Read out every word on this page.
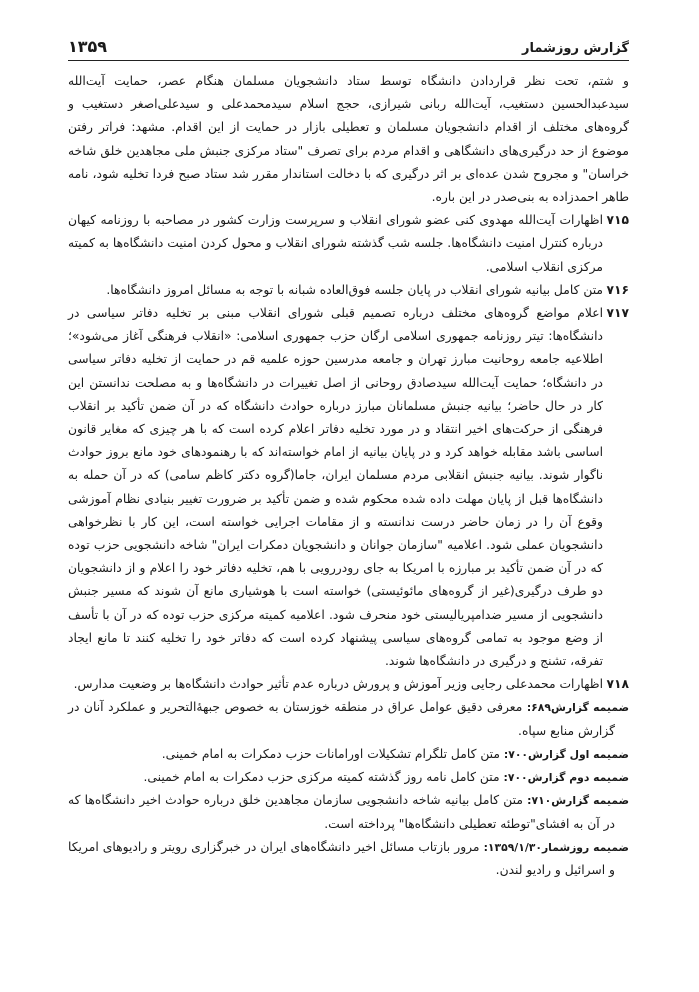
گزارش روزشمار
۱۳۵۹

و شتم، تحت نظر قراردادن دانشگاه توسط ستاد دانشجویان مسلمان هنگام عصر، حمایت آیت‌الله سیدعبدالحسین دستغیب، آیت‌الله ربانی شیرازی، حجج اسلام سیدمحمدعلی و سیدعلی‌اصغر دستغیب و گروه‌های مختلف از اقدام دانشجویان مسلمان و تعطیلی بازار در حمایت از این اقدام. مشهد: فراتر رفتن موضوع از حد درگیری‌های دانشگاهی و اقدام مردم برای تصرف "ستاد مرکزی جنبش ملی مجاهدین خلق شاخه خراسان" و مجروح شدن عده‌ای بر اثر درگیری که با دخالت استاندار مقرر شد ستاد صبح فردا تخلیه شود، نامه طاهر احمدزاده به بنی‌صدر در این باره.

۷۱۵
اظهارات آیت‌الله مهدوی کنی عضو شورای انقلاب و سرپرست وزارت کشور در مصاحبه با روزنامه کیهان درباره کنترل امنیت دانشگاه‌ها. جلسه شب گذشته شورای انقلاب و محول کردن امنیت دانشگاه‌ها به کمیته مرکزی انقلاب اسلامی.

۷۱۶
متن کامل بیانیه شورای انقلاب در پایان جلسه فوق‌العاده شبانه با توجه به مسائل امروز دانشگاه‌ها.

۷۱۷
اعلام مواضع گروه‌های مختلف درباره تصمیم قبلی شورای انقلاب مبنی بر تخلیه دفاتر سیاسی در دانشگاه‌ها: تیتر روزنامه جمهوری اسلامی ارگان حزب جمهوری اسلامی: «انقلاب فرهنگی آغاز می‌شود»؛ اطلاعیه جامعه روحانیت مبارز تهران و جامعه مدرسین حوزه علمیه قم در حمایت از تخلیه دفاتر سیاسی در دانشگاه؛ حمایت آیت‌الله سیدصادق روحانی از اصل تغییرات در دانشگاه‌ها و به مصلحت ندانستن این کار در حال حاضر؛ بیانیه جنبش مسلمانان مبارز درباره حوادث دانشگاه که در آن ضمن تأکید بر انقلاب فرهنگی از حرکت‌های اخیر انتقاد و در مورد تخلیه دفاتر اعلام کرده است که با هر چیزی که مغایر قانون اساسی باشد مقابله خواهد کرد و در پایان بیانیه از امام خواسته‌اند که با رهنمودهای خود مانع بروز حوادث ناگوار شوند. بیانیه جنبش انقلابی مردم مسلمان ایران، جاما(گروه دکتر کاظم سامی) که در آن حمله به دانشگاه‌ها قبل از پایان مهلت داده شده محکوم شده و ضمن تأکید بر ضرورت تغییر بنیادی نظام آموزشی وقوع آن را در زمان حاضر درست ندانسته و از مقامات اجرایی خواسته است، این کار با نظرخواهی دانشجویان عملی شود. اعلامیه "سازمان جوانان و دانشجویان دمکرات ایران" شاخه دانشجویی حزب توده که در آن ضمن تأکید بر مبارزه با امریکا به جای رودررویی با هم، تخلیه دفاتر خود را اعلام و از دانشجویان دو طرف درگیری(غیر از گروه‌های مائوئیستی) خواسته است با هوشیاری مانع آن شوند که مسیر جنبش دانشجویی از مسیر ضدامپریالیستی خود منحرف شود. اعلامیه کمیته مرکزی حزب توده که در آن با تأسف از وضع موجود به تمامی گروه‌های سیاسی پیشنهاد کرده است که دفاتر خود را تخلیه کنند تا مانع ایجاد تفرقه، تشنج و درگیری در دانشگاه‌ها شوند.

۷۱۸
اظهارات محمدعلی رجایی وزیر آموزش و پرورش درباره عدم تأثیر حوادث دانشگاه‌ها بر وضعیت مدارس.

ضمیمه گزارش۶۸۹: معرفی دقیق عوامل عراق در منطقه خوزستان به خصوص جبههٔ‌التحریر و عملکرد آنان در گزارش منابع سپاه.

ضمیمه اول گزارش۷۰۰: متن کامل تلگرام تشکیلات اورامانات حزب دمکرات به امام خمینی.

ضمیمه دوم گزارش۷۰۰: متن کامل نامه روز گذشته کمیته مرکزی حزب دمکرات به امام خمینی.

ضمیمه گزارش۷۱۰: متن کامل بیانیه شاخه دانشجویی سازمان مجاهدین خلق درباره حوادث اخیر دانشگاه‌ها که در آن به افشای"توطئه تعطیلی دانشگاه‌ها" پرداخته است.

ضمیمه روزشمار۱۳۵۹/۱/۳۰: مرور بازتاب مسائل اخیر دانشگاه‌های ایران در خبرگزاری رویتر و رادیوهای امریکا و اسرائیل و رادیو لندن.
